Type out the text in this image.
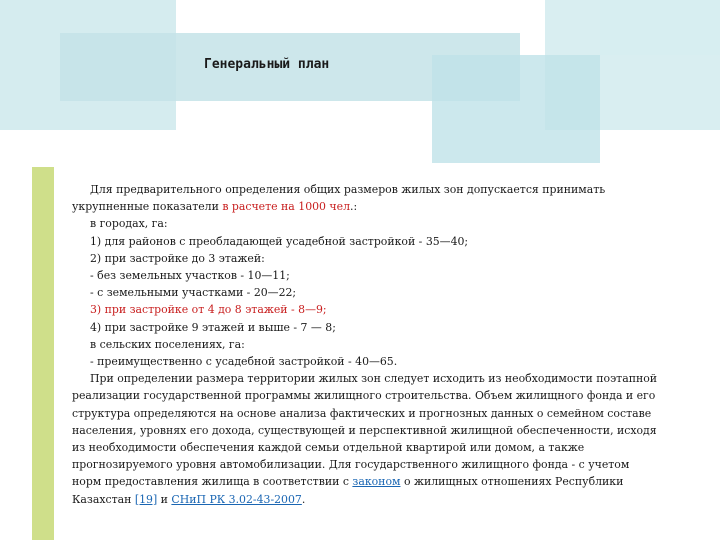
Генеральный план

Для предварительного определения общих размеров жилых зон допускается принимать укрупненные показатели в расчете на 1000 чел.:

в городах, га:

1) для районов с преобладающей усадебной застройкой - 35—40;

2) при застройке до 3 этажей:

- без земельных участков - 10—11;

- с земельными участками - 20—22;

3) при застройке от 4 до 8 этажей - 8—9;

4) при застройке 9 этажей и выше - 7 — 8;

в сельских поселениях, га:

- преимущественно с усадебной застройкой - 40—65.

При определении размера территории жилых зон следует исходить из необходимости поэтапной реализации государственной программы жилищного строительства. Объем жилищного фонда и его структура определяются на основе анализа фактических и прогнозных данных о семейном составе населения, уровнях его дохода, существующей и перспективной жилищной обеспеченности, исходя из необходимости обеспечения каждой семьи отдельной квартирой или домом, а также прогнозируемого уровня автомобилизации. Для государственного жилищного фонда - с учетом норм предоставления жилища в соответствии с законом о жилищных отношениях Республики Казахстан [19] и СНиП РК 3.02-43-2007.
